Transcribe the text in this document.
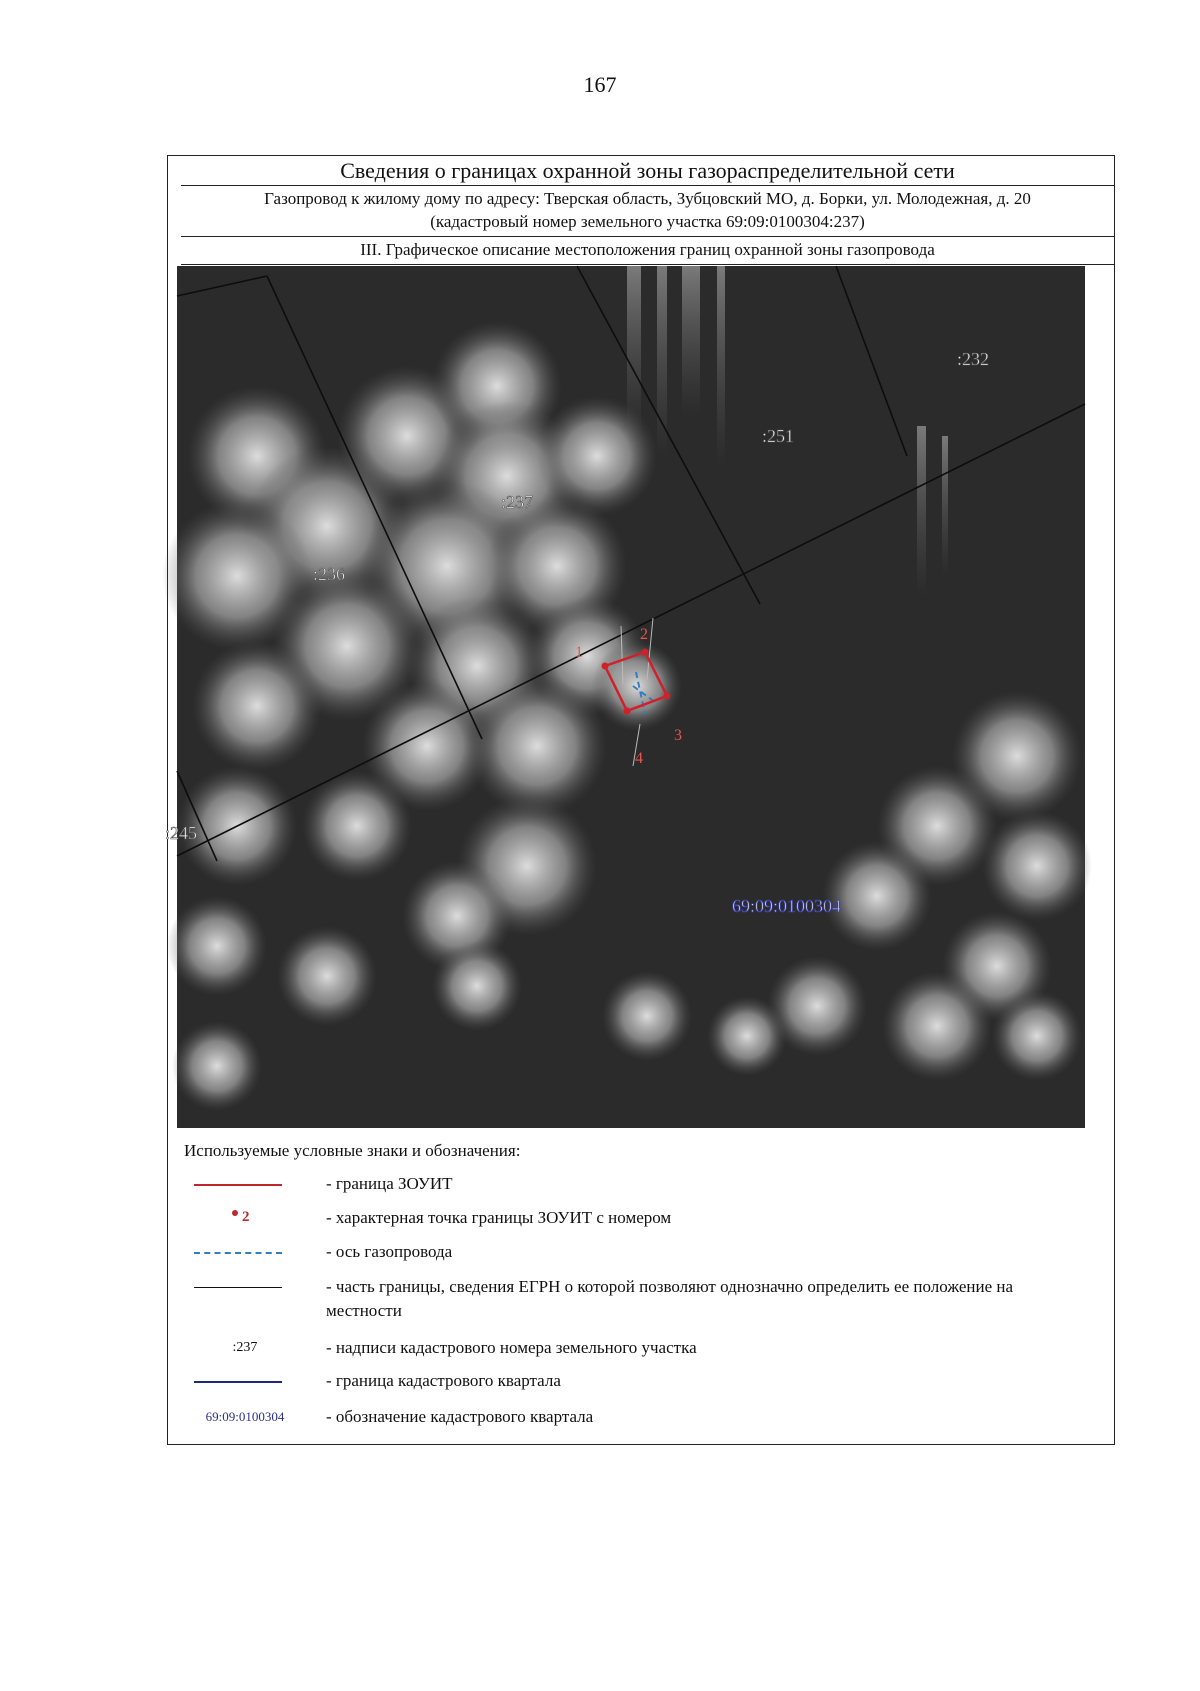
167
Сведения о границах охранной зоны газораспределительной сети
Газопровод к жилому дому по адресу: Тверская область, Зубцовский МО, д. Борки, ул. Молодежная, д. 20
(кадастровый номер земельного участка 69:09:0100304:237)
III. Графическое описание местоположения границ охранной зоны газопровода
1
2
3
4
:232
:251
:237
:236
:245
69:09:0100304
Используемые условные знаки и обозначения:
- граница ЗОУИТ
2	- характерная точка границы ЗОУИТ с номером
- ось газопровода
- часть границы, сведения ЕГРН о которой позволяют однозначно определить ее положение на местности
:237	- надписи кадастрового номера земельного участка
- граница кадастрового квартала
69:09:0100304	- обозначение кадастрового квартала
